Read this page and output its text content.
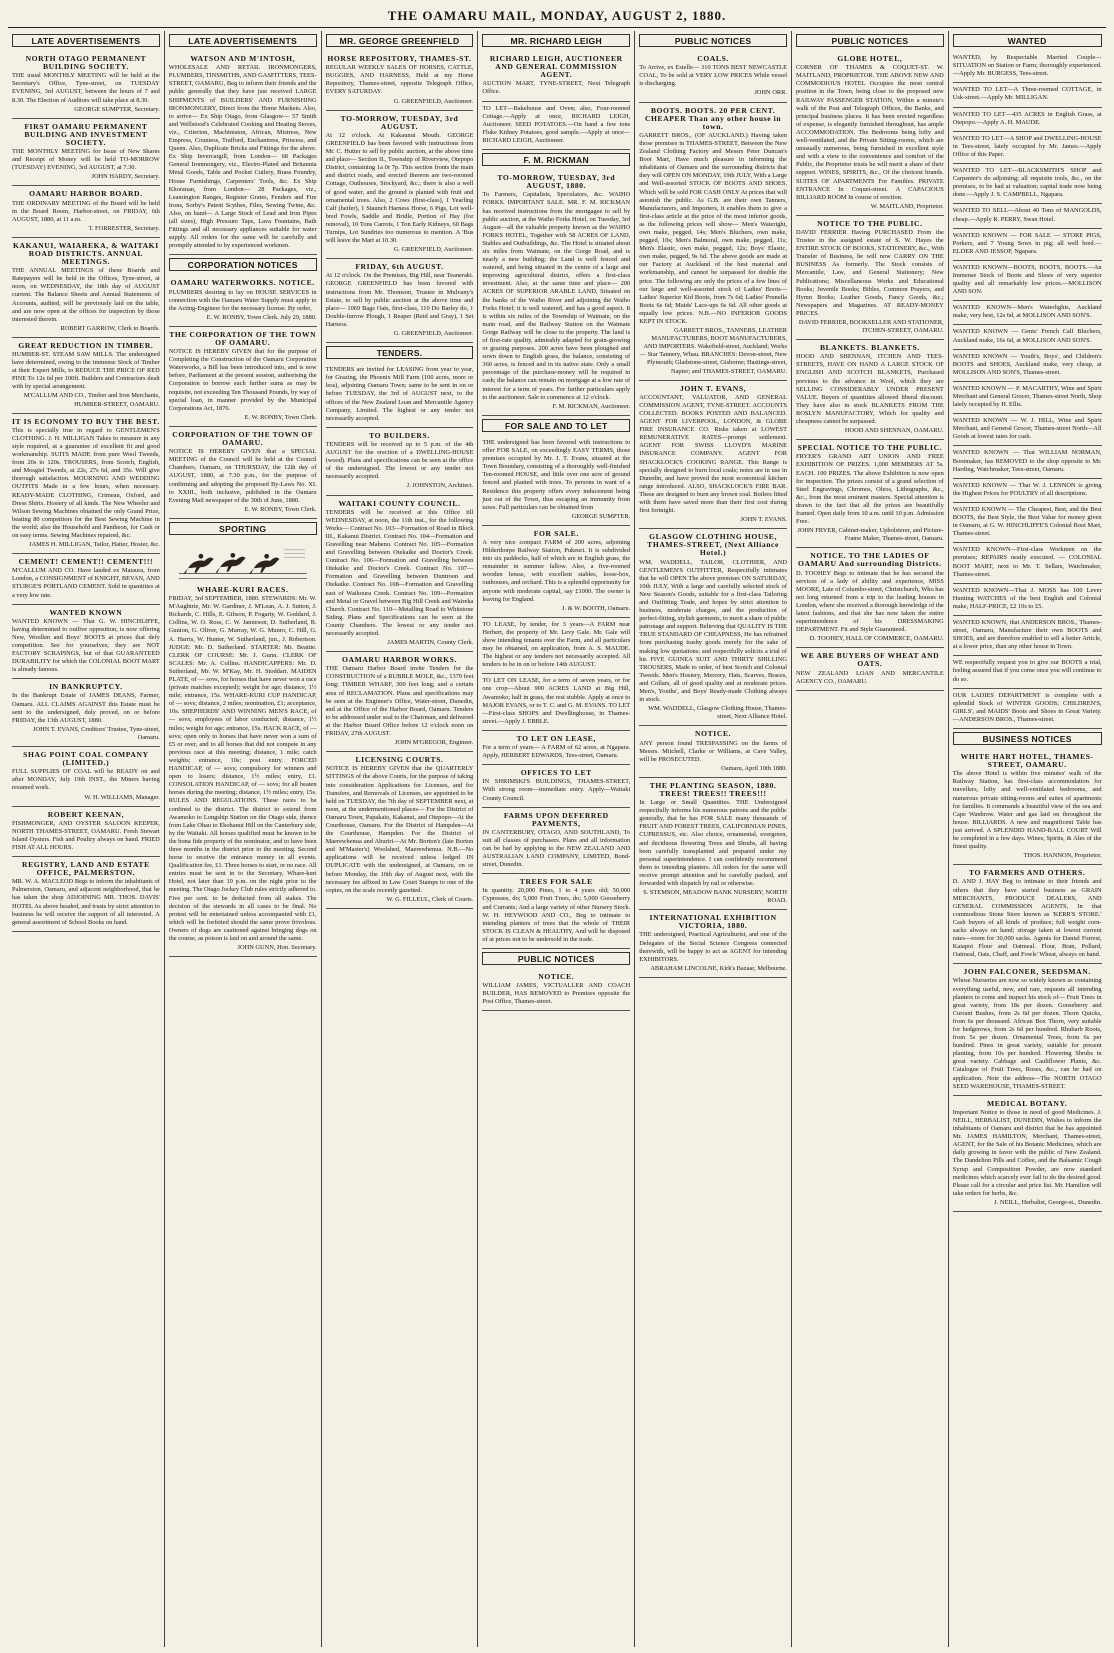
THE OAMARU MAIL, MONDAY, AUGUST 2, 1880.
LATE ADVERTISEMENTS
NORTH OTAGO PERMANENT BUILDING SOCIETY.

THE usual MONTHLY MEETING will be held at the Secretary's Office, Tyne-street, on TUESDAY EVENING, 3rd AUGUST, between the hours of 7 and 8.30. The Election of Auditors will take place at 8.30.

GEORGE SUMPTER, Secretary.
FIRST OAMARU PERMANENT BUILDING AND INVESTMENT SOCIETY.

THE MONTHLY MEETING for Issue of New Shares and Receipt of Money will be held TO-MORROW (TUESDAY) EVENING, 3rd AUGUST, at 7.30.

JOHN HARDY, Secretary.
OAMARU HARBOR BOARD.

THE ORDINARY MEETING of the Board will be held in the Board Room, Harbor-street, on FRIDAY, 6th AUGUST, 1880, at 11 a.m.

T. FORRESTER, Secretary.
KAKANUI, WAIAREKA, & WAITAKI ROAD DISTRICTS. ANNUAL MEETINGS.

THE ANNUAL MEETINGS of these Boards and Ratepayers will be held in the Offices, Tyne-street, at noon, on WEDNESDAY, the 18th day of AUGUST current. The Balance Sheets and Annual Statements of Accounts, audited, will be previously laid on the table, and are now open at the offices for inspection by those interested therein.

ROBERT GARROW, Clerk to Boards.
GREAT REDUCTION IN TIMBER.

HUMBER-ST. STEAM SAW MILLS. The undersigned have determined, owing to the immense Stock of Timber at their Expert Mills, to REDUCE THE PRICE OF RED PINE To 12s 6d per 100ft. Builders and Contractors dealt with by special arrangement.

M'CALLUM AND CO., Timber and Iron Merchants, HUMBER-STREET, OAMARU.
IT IS ECONOMY TO BUY THE BEST.

This is specially true in regard to GENTLEMEN'S CLOTHING. J. H. MILLIGAN Takes to measure in any style required, at a guarantee of excellent fit and good workmanship. SUITS MADE from pure Wool Tweeds, from 20s to 120s. TROUSERS, from Scotch, English, and Mosgiel Tweeds, at 22s, 27s 6d, and 35s. Will give thorough satisfaction. MOURNING AND WEDDING OUTFITS Made in a few hours, when necessary. READY-MADE CLOTHING, Crimean, Oxford, and Dress Shirts. Hosiery of all kinds. The New Wheeler and Wilson Sewing Machines obtained the only Grand Prize, beating 80 competitors for the Best Sewing Machine in the world; also the Household and Pantheon, for Cash or on easy terms. Sewing Machines repaired, &c.

JAMES H. MILLIGAN, Tailor, Hatter, Hosier, &c.
CEMENT! CEMENT!! CEMENT!!!

M'CALLUM AND CO. Have landed ex Mataura, from London, a CONSIGNMENT of KNIGHT, BEVAN, AND STURGE'S PORTLAND CEMENT. Sold in quantities at a very low rate.

WANTED KNOWN

WANTED KNOWN — That G. W. HINCHLIFFE, having determined to outlive opposition, is now offering New, Woollen and Boys' BOOTS at prices that defy competition. See for yourselves; they are NOT FACTORY SCRAPINGS, but of that GUARANTEED DURABILITY for which the COLONIAL BOOT MART is already famous.

IN BANKRUPTCY.

In the Bankrupt Estate of JAMES DEANS, Farmer, Oamaru. ALL CLAIMS AGAINST this Estate must be sent to the undersigned, duly proved, on or before FRIDAY, the 13th AUGUST, 1880.

JOHN T. EVANS, Creditors' Trustee, Tyne-street, Oamaru.
SHAG POINT COAL COMPANY (LIMITED.)

FULL SUPPLIES OF COAL will be READY on and after MONDAY, July 19th INST., the Miners having resumed work.

W. H. WILLIAMS, Manager.
ROBERT KEENAN,

FISHMONGER, AND OYSTER SALOON KEEPER, NORTH THAMES-STREET, OAMARU. Fresh Stewart Island Oysters. Fish and Poultry always on hand. FRIED FISH AT ALL HOURS.

REGISTRY, LAND AND ESTATE OFFICE, PALMERSTON.

MR. W. A. MACLEOD Begs to inform the inhabitants of Palmerston, Oamaru, and adjacent neighborhood, that he has taken the shop ADJOINING MR. THOS. DAVIS' HOTEL As above headed, and trusts by strict attention to business he will receive the support of all interested. A general assortment of School Books on hand.

LATE ADVERTISEMENTS
WATSON AND M'INTOSH,

WHOLESALE AND RETAIL IRONMONGERS, PLUMBERS, TINSMITHS, AND GASFITTERS, TEES-STREET, OAMARU, Beg to inform their friends and the public generally that they have just received LARGE SHIPMENTS of BUILDERS' AND FURNISHING IRONMONGERY, Direct from the Home Markets. Also, to arrive— Ex Ship Otago, from Glasgow— 57 Smith and Wellstood's Celebrated Cooking and Heating Stoves, viz., Criterion, Machiniston, African, Mistress, New Empress, Countess, Trafford, Enchantress, Princess, and Queen. Also, Duplicate Bricks and Fittings for the above. Ex Ship Invercargill, from London— 68 Packages General Ironmongery, viz., Electro-Plated and Britannia Metal Goods, Table and Pocket Cutlery, Brass Foundry, House Furnishings, Carpenters' Tools, &c. Ex Ship Khoranan, from London— 28 Packages, viz., Leamington Ranges, Register Grates, Fenders and Fire Irons, Sorby's Patent Scythes, Files, Sewing Twine, &c. Also, on hand— A Large Stock of Lead and Iron Pipes (all sizes), High Pressure Taps, Lava Fountains, Bath Fittings and all necessary appliances suitable for water supply. All orders for the same will be carefully and promptly attended to by experienced workmen.

CORPORATION NOTICES
OAMARU WATERWORKS. NOTICE.

PLUMBERS desiring to lay on HOUSE SERVICES in connection with the Oamaru Water Supply must apply to the Acting-Engineer for the necessary license. By order,

E. W. RONBY, Town Clerk. July 29, 1880.
THE CORPORATION OF THE TOWN OF OAMARU.

NOTICE IS HEREBY GIVEN that for the purpose of Completing the Construction of the Oamaru Corporation Waterworks, a Bill has been introduced into, and is now before, Parliament at the present session, authorising the Corporation to borrow such further sums as may be requisite, not exceeding Ten Thousand Pounds, by way of special loan, in manner provided by the Municipal Corporations Act, 1876.

E. W. RONBY, Town Clerk.
CORPORATION OF THE TOWN OF OAMARU.

NOTICE IS HEREBY GIVEN that a SPECIAL MEETING of the Council will be held at the Council Chambers, Oamaru, on THURSDAY, the 12th day of AUGUST, 1880, at 7.30 p.m., for the purpose of confirming and adopting the proposed By-Laws No. XI. to XXIII., both inclusive, published in the Oamaru Evening Mail newspaper of the 30th of June, 1880.

E. W. RONBY, Town Clerk.
SPORTING
WHARE-KURI RACES.

FRIDAY, 3rd SEPTEMBER, 1880. STEWARDS: Mr. W. M'Aughtrie, Mr. W. Gardiner, J. M'Lean, A. J. Sutton, J. Rickards, C. Hills, E. Gibson, P. Fogarty, W. Goddard, J. Collins, W. O. Ross, C. W. Jamieson, D. Sutherland, R. Gunion, G. Oliver, G. Murray, W. G. Munro, C. Hill, G. A. Harris, W. Hunter, W. Sutherland, jun., J. Robertson. JUDGE: Mr. D. Sutherland. STARTER: Mr. Beattie. CLERK OF COURSE: Mr. J. Gunn. CLERK OF SCALES: Mr. A. Collins. HANDICAPPERS: Mr. D. Sutherland, Mr. W. M'Kay, Mr. H. Stoddart. MAIDEN PLATE, of — sovs, for horses that have never won a race (private matches excepted); weight for age; distance, 1½ mile; entrance, 15s. WHARE-KURI CUP HANDICAP, of — sovs; distance, 2 miles; nomination, £1; acceptance, 10s. SHEPHERDS' AND WINNING MEN'S RACE, of — sovs; employees of labor conducted; distance, 1½ miles; weight for age; entrance, 15s. HACK RACE, of — sovs; open only to horses that have never won a sum of £5 or over, and to all horses that did not compete in any previous race at this meeting; distance, 1 mile; catch weights; entrance, 10s; post entry. FORCED HANDICAP, of — sovs; compulsory for winners and open to losers; distance, 1½ miles; entry, £1. CONSOLATION HANDICAP, of — sovs; for all beaten horses during the meeting; distance, 1½ miles; entry, 15s. RULES AND REGULATIONS. These races to be confined to the district. The district to extend from Awamoko to Longship Station on the Otago side, thence from Lake Ohau to Ekohanui Hill on the Canterbury side, by the Waitaki. All horses qualified must be known to be the bona fide property of the nominator, and to have been three months in the district prior to the meeting. Second horse to receive the entrance money in all events. Qualification fee, £1. Three horses to start, or no race. All entries must be sent in to the Secretary, Whare-kuri Hotel, not later than 10 p.m. on the night prior to the meeting. The Otago Jockey Club rules strictly adhered to. Five per cent. to be deducted from all stakes. The decision of the stewards in all cases to be final. No protest will be entertained unless accompanied with £1, which will be forfeited should the same prove frivolous. Owners of dogs are cautioned against bringing dogs on the course, as poison is laid on and around the same.

JOHN GUNN, Hon. Secretary.
MR. GEORGE GREENFIELD
HORSE REPOSITORY, THAMES-ST.

REGULAR WEEKLY SALES OF HORSES, CATTLE, BUGGIES, AND HARNESS, Held at my Horse Repository, Thames-street, opposite Telegraph Office, EVERY SATURDAY.

G. GREENFIELD, Auctioneer.
TO-MORROW, TUESDAY, 3rd AUGUST.

At 12 o'clock. At Kakaunui Mouth. GEORGE GREENFIELD has been favored with instructions from Mr. C. Hutter to sell by public auction, at the above time and place— Section II., Township of Riverview, Otepopo District, containing 1a 0r 7p. This section fronts the main and district roads, and erected thereon are two-roomed Cottage, Outhouses, Stockyard, &c.; there is also a well of good water, and the ground is planted with fruit and ornamental trees. Also, 2 Cows (first-class), 1 Yearling Calf (heifer), 1 Staunch Harness Horse, 6 Pigs, Lot well-bred Fowls, Saddle and Bridle, Portion of Hay (for removal), 10 Tons Carrots, 1 Ton Early Kidneys, 60 Bags Turnips, Lot Sundries too numerous to mention. A 'Bus will leave the Mart at 10.30.

G. GREENFIELD, Auctioneer.
FRIDAY, 6th AUGUST.

At 12 o'clock. On the Premises, Big Hill, near Teaneraki. GEORGE GREENFIELD has been favored with instructions from Mr. Thomson, Trustee in Mulvany's Estate, to sell by public auction at the above time and place— 1069 Bags Oats, first-class, 110 Do Barley do, 1 Double-furrow Plough, 1 Reaper (Reid and Gray), 1 Set Harness.

G. GREENFIELD, Auctioneer.
TENDERS.

TENDERS are invited for LEASING from year to year, for Grazing, the Phoenix Mill Farm (100 acres, more or less), adjoining Oamaru Town; same to be sent in on or before TUESDAY, the 3rd of AUGUST next, to the offices of the New Zealand Loan and Mercantile Agency Company, Limited. The highest or any tender not necessarily accepted.

TO BUILDERS.

TENDERS will be received up to 5 p.m. of the 4th AUGUST for the erection of a DWELLING-HOUSE (wood). Plans and specifications can be seen at the office of the undersigned. The lowest or any tender not necessarily accepted.

J. JOHNSTON, Architect.
WAITAKI COUNTY COUNCIL.

TENDERS will be received at this Office till WEDNESDAY, at noon, the 11th inst., for the following Works— Contract No. 103—Formation of Road in Block III., Kakanui District. Contract No. 104—Formation and Gravelling near Maheno. Contract No. 105—Formation and Gravelling between Otekaike and Doctor's Creek. Contract No. 106—Formation and Gravelling between Otekaike and Doctor's Creek. Contract No. 107—Formation and Gravelling between Duntroon and Otekaike. Contract No. 108—Formation and Gravelling east of Waikoura Creek. Contract No. 109—Formation and Metal or Gravel between Big Hill Creek and Waireka Church. Contract No. 110—Metalling Road to Whitstone Siding. Plans and Specifications can be seen at the County Chambers. The lowest or any tender not necessarily accepted.

JAMES MARTIN, County Clerk.
OAMARU HARBOR WORKS.

THE Oamaru Harbor Board invite Tenders for the CONSTRUCTION of a RUBBLE MOLE, &c., 1370 feet long; TIMBER WHARF, 300 feet long; and a certain area of RECLAMATION. Plans and specifications may be seen at the Engineer's Office, Water-street, Dunedin, and at the Office of the Harbor Board, Oamaru. Tenders to be addressed under seal to the Chairman, and delivered at the Harbor Board Office before 12 o'clock noon on FRIDAY, 27th AUGUST.

JOHN M'GREGOR, Engineer.
LICENSING COURTS.

NOTICE IS HEREBY GIVEN that the QUARTERLY SITTINGS of the above Courts, for the purpose of taking into consideration Applications for Licenses, and for Transfers, and Removals of Licenses, are appointed to be held on TUESDAY, the 7th day of SEPTEMBER next, at noon, at the undermentioned places— For the District of Oamaru Town, Papakaio, Kakanui, and Otepopo—At the Courthouse, Oamaru. For the District of Hampden—At the Courthouse, Hampden. For the District of Maerewhenua and Ahuriri—At Mr. Borton's (late Borton and M'Master's) Woolshed, Maerewhenua. N.B.—No applications will be received unless lodged IN DUPLICATE with the undersigned, at Oamaru, on or before Monday, the 16th day of August next, with the necessary fee affixed in Law Court Stamps to one of the copies, on the scale recently gazetted.

W. G. FILLEUL, Clerk of Courts.
MR. RICHARD LEIGH
RICHARD LEIGH, AUCTIONEER AND GENERAL COMMISSION AGENT.

AUCTION MART, TYNE-STREET, Next Telegraph Office.

TO LET—Bakehouse and Oven; also, Four-roomed Cottage.—Apply at once, RICHARD LEIGH, Auctioneer. SEED POTATOES.—On hand a few tons Fluke Kidney Potatoes, good sample.—Apply at once—RICHARD LEIGH, Auctioneer.

F. M. RICKMAN
TO-MORROW, TUESDAY, 3rd AUGUST, 1880.

To Farmers, Capitalists, Speculators, &c. WAIHO FORKS. IMPORTANT SALE. MR. F. M. RICKMAN has received instructions from the mortgagee to sell by public auction, at the Waiho Forks Hotel, on Tuesday, 3rd August—all the valuable property known as the WAIHO FORKS HOTEL, Together with 58 ACRES OF LAND, Stables and Outbuildings, &c. The Hotel is situated about six miles from Waimate, on the Gorge Road, and is nearly a new building; the Land is well fenced and watered, and being situated in the centre of a large and improving agricultural district, offers a first-class investment. Also, at the same time and place— 200 ACRES OF SUPERIOR ARABLE LAND, Situated on the banks of the Waiho River and adjoining the Waiho Forks Hotel; it is well watered, and has a good aspect. It is within six miles of the Township of Waimate, on the main road, and the Railway Station on the Waimate Gorge Railway will be close to the property. The land is of first-rate quality, admirably adapted for grain-growing or grazing purposes. 200 acres have been ploughed and sown down to English grass, the balance, consisting of 360 acres, is fenced and in its native state. Only a small percentage of the purchase-money will be required in cash; the balance can remain on mortgage at a low rate of interest for a term of years. For further particulars apply to the auctioneer. Sale to commence at 12 o'clock.

F. M. RICKMAN, Auctioneer.
FOR SALE AND TO LET

THE undersigned has been favored with instructions to offer FOR SALE, on exceedingly EASY TERMS, those premises occupied by Mr. J. T. Evans, situated at the Town Boundary, consisting of a thoroughly well-finished Ten-roomed HOUSE, and little over one acre of ground fenced and planted with trees. To persons in want of a Residence this property offers every inducement being just out of the Town, thus escaping an immunity from taxes. Full particulars can be obtained from

GEORGE SUMPTER.
FOR SALE.

A very nice compact FARM of 200 acres, adjoining Hilderthorpe Railway Station, Pukeuri. It is subdivided into six paddocks, half of which are in English grass, the remainder in summer fallow. Also, a five-roomed wooden house, with excellent stables, loose-box, outhouses, and orchard. This is a splendid opportunity for anyone with moderate capital, say £1000. The owner is leaving for England.

J. & W. BOOTH, Oamaru.

TO LEASE, by tender, for 3 years—A FARM near Herbert, the property of Mr. Levy Gale. Mr. Gale will show intending tenants over the Farm, and all particulars may be obtained, on application, from A. S. MAUDE. The highest or any tenders not necessarily accepted. All tenders to be in on or before 14th AUGUST.

TO LET ON LEASE, for a term of seven years, or for one crop—About 900 ACRES LAND at Big Hill, Awamoko; half in grass, the rest stubble. Apply at once to MAJOR EVANS, or to T. C. and G. M. EVANS. TO LET—First-class SHOPS and Dwellinghouse, in Thames-street.—Apply J. EBBLE.

TO LET ON LEASE,

For a term of years— A FARM of 62 acres, at Ngapara. Apply, HERBERT EDWARDS, Tees-street, Oamaru.

OFFICES TO LET

IN SHRIMSKI'S BUILDINGS, THAMES-STREET, With strong room—immediate entry. Apply—Waitaki County Council.

FARMS UPON DEFERRED PAYMENTS,

IN CANTERBURY, OTAGO, AND SOUTHLAND, To suit all classes of purchasers. Plans and all information can be had by applying to the NEW ZEALAND AND AUSTRALIAN LAND COMPANY, LIMITED, Bond-street, Dunedin.

TREES FOR SALE

In quantity. 20,000 Pines, 1 to 4 years old; 50,000 Cypresses, do; 5,000 Fruit Trees, do; 5,000 Gooseberry and Currants; And a large variety of other Nursery Stock. W. H. HEYWOOD AND CO., Beg to intimate to intending planters of trees that the whole of THEIR STOCK IS CLEAN & HEALTHY, And will be disposed of at prices not to be undersold in the trade.

PUBLIC NOTICES
NOTICE.

WILLIAM JAMES, VICTUALLER AND COACH BUILDER, HAS REMOVED to Premises opposite the Post Office, Thames-street.

PUBLIC NOTICES
COALS.

To Arrive, ex Estelle— 310 TONS BEST NEWCASTLE COAL, To be sold at VERY LOW PRICES While vessel is discharging.

JOHN ORR.
BOOTS. BOOTS. 20 PER CENT. CHEAPER Than any other house in town.

GARRETT BROS., (OF AUCKLAND.) Having taken those premises in THAMES-STREET, Between the New Zealand Clothing Factory and Messrs Peter Duncan's Boot Mart, Have much pleasure in informing the inhabitants of Oamaru and the surrounding districts that they will OPEN ON MONDAY, 19th JULY, With a Large and Well-assorted STOCK OF BOOTS AND SHOES, Which will be sold FOR CASH ONLY At prices that will astonish the public. As G.B. are their own Tanners, Manufacturers, and Importers, it enables them to give a first-class article at the price of the most inferior goods, as the following prices will show— Men's Wateright, own make, pegged, 14s; Men's Bluchers, own make, pegged, 10s; Men's Balmoral, own make, pegged, 11s; Men's Elastic, own make, pegged, 12s; Boys' Elastic, own make, pegged, 9s 6d. The above goods are made at our Factory at Auckland of the best material and workmanship, and cannot be surpassed for double the price. The following are only the prices of a few lines of our large and well-assorted stock of Ladies' Boots— Ladies' Superior Kid Boots, from 7s 6d; Ladies' Prunella Boots 6s 6d; Maids' Lace-ups 6s 6d. All other goods at equally low prices. N.B.—NO INFERIOR GOODS KEPT IN STOCK.

GARRETT BROS., TANNERS, LEATHER MANUFACTURERS, BOOT MANUFACTURERS, AND IMPORTERS. Wakefield-street, Auckland; Works — Star Tannery, Whau. BRANCHES: Devon-street, New Plymouth; Gladstone-street, Gisborne; Hastings-street, Napier; and THAMES-STREET, OAMARU.
JOHN T. EVANS,

ACCOUNTANT, VALUATOR, AND GENERAL COMMISSION AGENT, TYNE-STREET. ACCOUNTS COLLECTED. BOOKS POSTED AND BALANCED. AGENT FOR LIVERPOOL, LONDON, & GLOBE FIRE INSURANCE CO. Risks taken at LOWEST REMUNERATIVE RATES—prompt settlement. AGENT FOR SWISS LLOYD'S MARINE INSURANCE COMPANY. AGENT FOR SHACKLOCK'S COOKING RANGE. This Range is specially designed to burn local coals; notes are in use in Dunedin, and have proved the most economical kitchen range introduced. ALSO, SHACKLOCK'S FIRE BAR. These are designed to burn any brown coal. Boilers fitted with them have saved more than their first cost during first fortnight.

JOHN T. EVANS.
GLASGOW CLOTHING HOUSE, THAMES-STREET, (Next Alliance Hotel.)

WM. WADDELL, TAILOR, CLOTHIER, AND GENTLEMEN'S OUTFITTER, Respectfully intimates that he will OPEN The above premises ON SATURDAY, 10th JULY, With a large and carefully selected stock of New Season's Goods, suitable for a first-class Tailoring and Outfitting Trade, and hopes by strict attention to business, moderate charges, and the production of perfect-fitting, stylish garments, to merit a share of public patronage and support. Believing that QUALITY IS THE TRUE STANDARD OF CHEAPNESS, He has refrained from purchasing trashy goods merely for the sake of making low quotations; and respectfully solicits a trial of his FIVE GUINEA SUIT AND THIRTY SHILLING TROUSERS, Made to order, of best Scotch and Colonial Tweeds. Men's Hosiery, Mercery, Hats, Scarves, Braces, and Collars, all of good quality and at moderate prices. Men's, Youths', and Boys' Ready-made Clothing always in stock.

WM. WADDELL, Glasgow Clothing House, Thames-street, Next Alliance Hotel.
NOTICE.

ANY person found TRESPASSING on the farms of Messrs. Mitchell, Clarke or Williams, at Cave Valley, will be PROSECUTED.

Oamaru, April 10th 1880.
THE PLANTING SEASON, 1880. TREES! TREES!! TREES!!!

In Large or Small Quantities. THE Undersigned respectfully informs his numerous patrons and the public generally, that he has FOR SALE many thousands of FRUIT AND FOREST TREES, CALIFORNIAN PINES, CUPRESSUS, etc. Also choice, ornamental, evergreen, and deciduous flowering Trees and Shrubs, all having been carefully transplanted and prepared under my personal superintendence. I can confidently recommend them to intending planters. All orders for the same will receive prompt attention and be carefully packed, and forwarded with dispatch by rail or otherwise.

S. STEMSON, MEADOW BANK NURSERY, NORTH ROAD.
INTERNATIONAL EXHIBITION VICTORIA, 1880.

THE undersigned, Practical Agriculturist, and one of the Delegates of the Social Science Congress connected therewith, will be happy to act as AGENT for intending EXHIBITORS.

ABRAHAM LINCOLNE, Kirk's Bazaar, Melbourne.
PUBLIC NOTICES
GLOBE HOTEL,

CORNER OF THAMES & COQUET-ST. W. MAITLAND, PROPRIETOR. THE ABOVE NEW AND COMMODIOUS HOTEL Occupies the most central position in the Town, being close to the proposed new RAILWAY PASSENGER STATION, Within a minute's walk of the Post and Telegraph Offices, the Banks, and principal business places. It has been erected regardless of expense, is elegantly furnished throughout, has ample ACCOMMODATION. The Bedrooms being lofty and well-ventilated, and the Private Sitting-rooms, which are unusually numerous, being furnished in excellent style and with a view to the convenience and comfort of the Public, the Proprietor trusts he will merit a share of their support. WINES, SPIRITS, &c., Of the choicest brands. SUITES OF APARTMENTS For Families. PRIVATE ENTRANCE In Coquet-street. A CAPACIOUS BILLIARD ROOM In course of erection.

W. MAITLAND, Proprietor.
NOTICE TO THE PUBLIC.

DAVID FERRIER Having PURCHASED From the Trustee in the assigned estate of S. W. Hayes the ENTIRE STOCK OF BOOKS, STATIONERY, &c., With Transfer of Business, he will now CARRY ON THE BUSINESS As formerly. The Stock consists of Mercantile, Law, and General Stationery; New Publications; Miscellaneous Works and Educational Books; Juvenile Books; Bibles, Common Prayers, and Hymn Books; Leather Goods, Fancy Goods, &c.; Newspapers and Magazines. AT READY-MONEY PRICES.

DAVID FERRIER, BOOKSELLER AND STATIONER, ITCHEN-STREET, OAMARU.
BLANKETS. BLANKETS.

HOOD AND SHENNAN, ITCHEN AND TEES-STREETS, HAVE ON HAND A LARGE STOCK OF ENGLISH AND SCOTCH BLANKETS, Purchased previous to the advance in Wool, which they are SELLING CONSIDERABLY UNDER PRESENT VALUE. Buyers of quantities allowed liberal discount. They have also in stock BLANKETS FROM THE ROSLYN MANUFACTORY, Which for quality and cheapness cannot be surpassed.

HOOD AND SHENNAN, OAMARU.
SPECIAL NOTICE TO THE PUBLIC.

FRYER'S GRAND ART UNION AND FREE EXHIBITION OF PRIZES. 1,000 MEMBERS AT 5s. EACH. 100 PRIZES. The above Exhibition is now open for inspection. The prizes consist of a grand selection of Steel Engravings, Chromos, Oleos, Lithographs, &c., &c., from the most eminent masters. Special attention is drawn to the fact that all the prizes are beautifully framed. Open daily from 10 a.m. until 10 p.m. Admission Free.

JOHN FRYER, Cabinet-maker, Upholsterer, and Picture-Frame Maker, Thames-street, Oamaru.
NOTICE. TO THE LADIES OF OAMARU And surrounding Districts.

D. TOOHEY Begs to intimate that he has secured the services of a lady of ability and experience, MISS MOORE, Late of Columbo-street, Christchurch, Who has not long returned from a trip to the leading houses in London, where she received a thorough knowledge of the latest fashions, and that she has now taken the entire superintendence of his DRESSMAKING DEPARTMENT. Fit and Style Guaranteed.

D. TOOHEY, HALL OF COMMERCE, OAMARU.
WE ARE BUYERS OF WHEAT AND OATS.

NEW ZEALAND LOAN AND MERCANTILE AGENCY CO., OAMARU.

WANTED

WANTED, by Respectable Married Couple—SITUATION on Station or Farm; thoroughly experienced.—Apply Mr. BURGESS, Tees-street.

WANTED TO LET—A Three-roomed COTTAGE, in Usk-street.—Apply Mr. MILLIGAN.

WANTED TO LET—435 ACRES in English Grass, at Otepopo.—Apply A. H. MAUDE.

WANTED TO LET—A SHOP and DWELLING-HOUSE in Tees-street, lately occupied by Mr. James.—Apply Office of this Paper.

WANTED TO LET—BLACKSMITH'S SHOP and Carpenter's do adjoining; all requisite tools, &c., on the premises, to be had at valuation; capital trade now being done.—Apply J. S. CAMPBELL, Ngapara.

WANTED TO SELL—About 40 Tons of MANGOLDS, cheap.—Apply R. PERRY, Swan Hotel.

WANTED KNOWN — FOR SALE — STORE PIGS, Porkers, and 7 Young Sows in pig; all well bred.—ELDER AND JESSOP, Ngapara.

WANTED KNOWN—BOOTS, BOOTS, BOOTS.—An Immense Stock of Boots and Shoes of very superior quality and all remarkably low prices.—MOLLISON AND SON.

WANTED KNOWN—Men's Waterlights, Auckland make, very best, 12s 6d, at MOLLISON AND SON'S.

WANTED KNOWN — Gents' French Calf Bluchers, Auckland make, 16s 6d, at MOLLISON AND SON'S.

WANTED KNOWN — Youth's, Boys', and Children's BOOTS and SHOES, Auckland make, very cheap, at MOLLISON AND SON'S, Thames-street.

WANTED KNOWN — P. MACARTHY, Wine and Spirit Merchant and General Grocer, Thames-street North, Shop lately occupied by H. Ellis.

WANTED KNOWN — W. J. HILL, Wine and Spirit Merchant, and General Grocer, Thames-street North—All Goods at lowest rates for cash.

WANTED KNOWN — That WILLIAM NORMAN, Bootmaker, has REMOVED to the shop opposite to Mr. Harding, Watchmaker, Tees-street, Oamaru.

WANTED KNOWN — That W. J. LENNON is giving the Highest Prices for POULTRY of all descriptions.

WANTED KNOWN — The Cheapest, Best, and the Best BOOTS, the Best Style, the Best Value for money given in Oamaru, at G. W. HINCHLIFFE'S Colonial Boot Mart, Thames-street.

WANTED KNOWN—First-class Workmen on the premises; REPAIRS neatly executed. — COLONIAL BOOT MART, next to Mr. T. Sellars, Watchmaker, Thames-street.

WANTED KNOWN—That J. MOSS has 100 Lever Hunting WATCHES of the best English and Colonial make, HALF-PRICE, £2 10s to £5.

WANTED KNOWN, that ANDERSON BROS., Thames-street, Oamaru, Manufacture their own BOOTS and SHOES, and are therefore enabled to sell a better Article, at a lower price, than any other house in Town.

WE respectfully request you to give our BOOTS a trial, feeling assured that if you come once you will continue to do so.

OUR LADIES DEPARTMENT is complete with a splendid Stock of WINTER GOODS; CHILDREN'S, GIRLS', and MAIDS' Boots and Shoes in Great Variety.—ANDERSON BROS., Thames-street.

BUSINESS NOTICES
WHITE HART HOTEL, THAMES-STREET, OAMARU.

The above Hotel is within five minutes' walk of the Railway Station, has first-class accommodation for travellers, lofty and well-ventilated bedrooms, and numerous private sitting-rooms and suites of apartments for families. It commands a beautiful view of the sea and Cape Wanbrow. Water and gas laid on throughout the house. BILLIARDS. A new and magnificent Table has just arrived. A SPLENDID HAND-BALL COURT Will be completed in a few days. Wines, Spirits, & Ales of the finest quality.

THOS. HANNON, Proprietor.
TO FARMERS AND OTHERS.

D. AND J. HAY Beg to intimate to their friends and others that they have started business as GRAIN MERCHANTS, PRODUCE DEALERS, AND GENERAL COMMISSION AGENTS, In that commodious Stone Store known as 'KERR'S STORE.' Cash buyers of all kinds of produce; full weight corn-sacks always on hand; storage taken at lowest current rates—room for 30,000 sacks. Agents for Daniel Forrest, Kaiapoi Flour and Oatmeal. Flour, Bran, Pollard, Oatmeal, Oats, Chaff, and Fowls' Wheat, always on hand.

JOHN FALCONER, SEEDSMAN.

Whose Nurseries are now so widely known as containing everything useful, new, and rare, requests all intending planters to come and inspect his stock of— Fruit Trees in great variety, from 18s per dozen. Gooseberry and Currant Bushes, from 2s 6d per dozen. Thorn Quicks, from 6s per thousand. African Box Thorn, very suitable for hedgerows, from 2s 6d per hundred. Rhubarb Roots, from 5s per dozen. Ornamental Trees, from 6s per hundred. Pines in great variety, suitable for present planting, from 10s per hundred. Flowering Shrubs in great variety. Cabbage and Cauliflower Plants, &c. Catalogue of Fruit Trees, Roses, &c., can be had on application. Note the address—The NORTH OTAGO SEED WAREHOUSE, THAMES-STREET.

MEDICAL BOTANY.

Important Notice to those in need of good Medicines. J. NEILL, HERBALIST, DUNEDIN, Wishes to inform the inhabitants of Oamaru and district that he has appointed Mr. JAMES HAMILTON, Merchant, Thames-street, AGENT, for the Sale of his Botanic Medicines, which are daily growing in favor with the public of New Zealand. The Dandelion Pills and Coffee, and the Balsamic Cough Syrup and Composition Powder, are now standard medicines which scarcely ever fail to do the desired good. Please call for a circular and price list. Mr. Hamilton will take orders for herbs, &c.

J. NEILL, Herbalist, George-st., Dunedin.
